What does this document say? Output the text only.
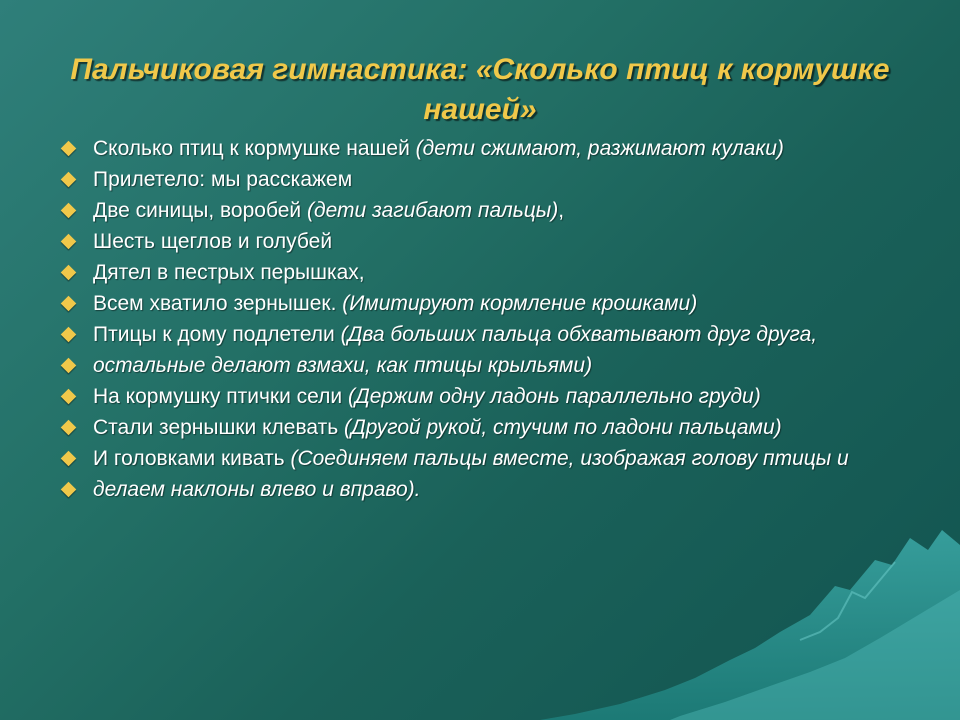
Пальчиковая гимнастика: «Сколько птиц к кормушке нашей»
Сколько птиц к кормушке нашей (дети сжимают, разжимают кулаки)
Прилетело: мы расскажем
Две синицы, воробей (дети загибают пальцы),
Шесть щеглов и голубей
Дятел в пестрых перышках,
Всем хватило зернышек. (Имитируют кормление крошками)
Птицы к дому подлетели (Два больших пальца обхватывают друг друга,
остальные делают взмахи, как птицы крыльями)
На кормушку птички сели (Держим одну ладонь параллельно груди)
Стали зернышки клевать (Другой рукой, стучим по ладони пальцами)
И головками кивать (Соединяем пальцы вместе, изображая голову птицы и
делаем наклоны влево и вправо).
